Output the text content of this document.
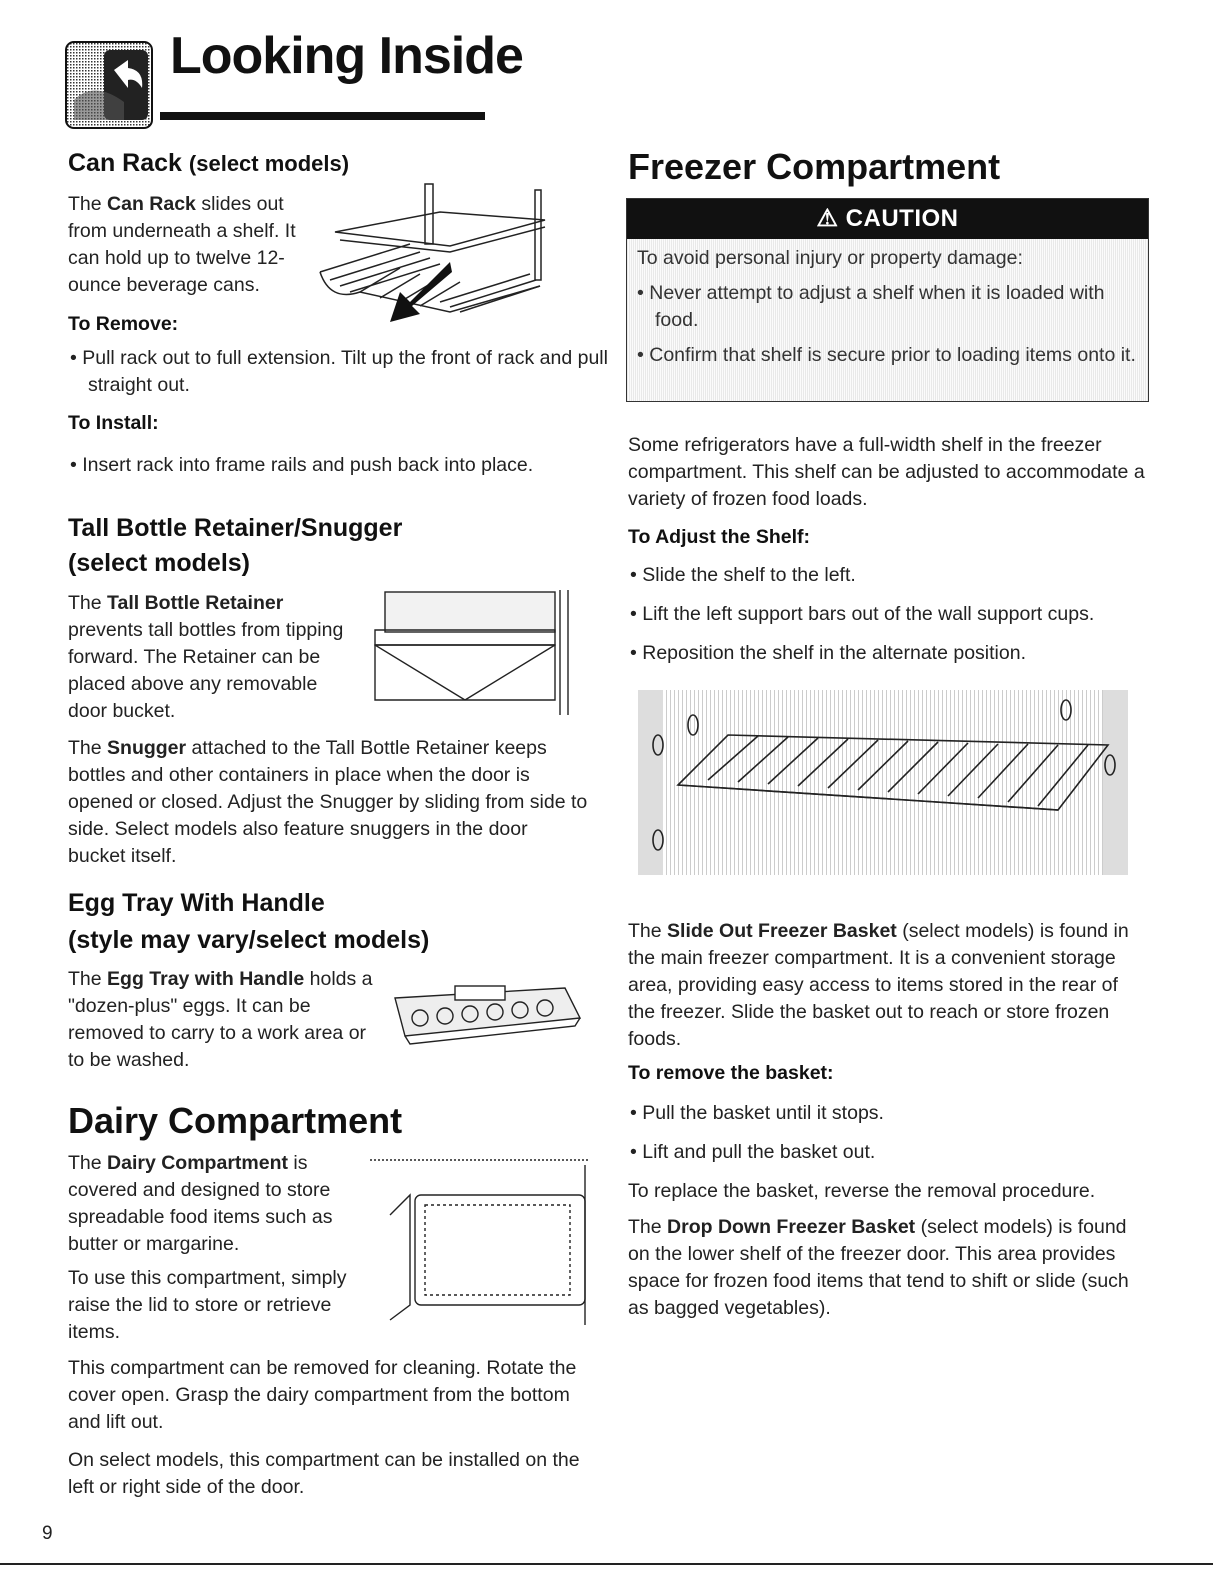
Looking Inside
Can Rack (select models)
The Can Rack slides out from underneath a shelf. It can hold up to twelve 12-ounce beverage cans.
To Remove:
• Pull rack out to full extension. Tilt up the front of rack and pull straight out.
To Install:
• Insert rack into frame rails and push back into place.
Tall Bottle Retainer/Snugger
(select models)
The Tall Bottle Retainer prevents tall bottles from tipping forward. The Retainer can be placed above any removable door bucket.
The Snugger attached to the Tall Bottle Retainer keeps bottles and other containers in place when the door is opened or closed. Adjust the Snugger by sliding from side to side. Select models also feature snuggers in the door bucket itself.
Egg Tray With Handle
(style may vary/select models)
The Egg Tray with Handle holds a "dozen-plus" eggs. It can be removed to carry to a work area or to be washed.
Dairy Compartment
The Dairy Compartment is covered and designed to store spreadable food items such as butter or margarine.
To use this compartment, simply raise the lid to store or retrieve items.
This compartment can be removed for cleaning. Rotate the cover open. Grasp the dairy compartment from the bottom and lift out.
On select models, this compartment can be installed on the left or right side of the door.
Freezer Compartment
⚠ CAUTION
To avoid personal injury or property damage:
• Never attempt to adjust a shelf when it is loaded with food.
• Confirm that shelf is secure prior to loading items onto it.
Some refrigerators have a full-width shelf in the freezer compartment. This shelf can be adjusted to accommodate a variety of frozen food loads.
To Adjust the Shelf:
• Slide the shelf to the left.
• Lift the left support bars out of the wall support cups.
• Reposition the shelf in the alternate position.
The Slide Out Freezer Basket (select models) is found in the main freezer compartment. It is a convenient storage area, providing easy access to items stored in the rear of the freezer. Slide the basket out to reach or store frozen foods.
To remove the basket:
• Pull the basket until it stops.
• Lift and pull the basket out.
To replace the basket, reverse the removal procedure.
The Drop Down Freezer Basket (select models) is found on the lower shelf of the freezer door. This area provides space for frozen food items that tend to shift or slide (such as bagged vegetables).
9
